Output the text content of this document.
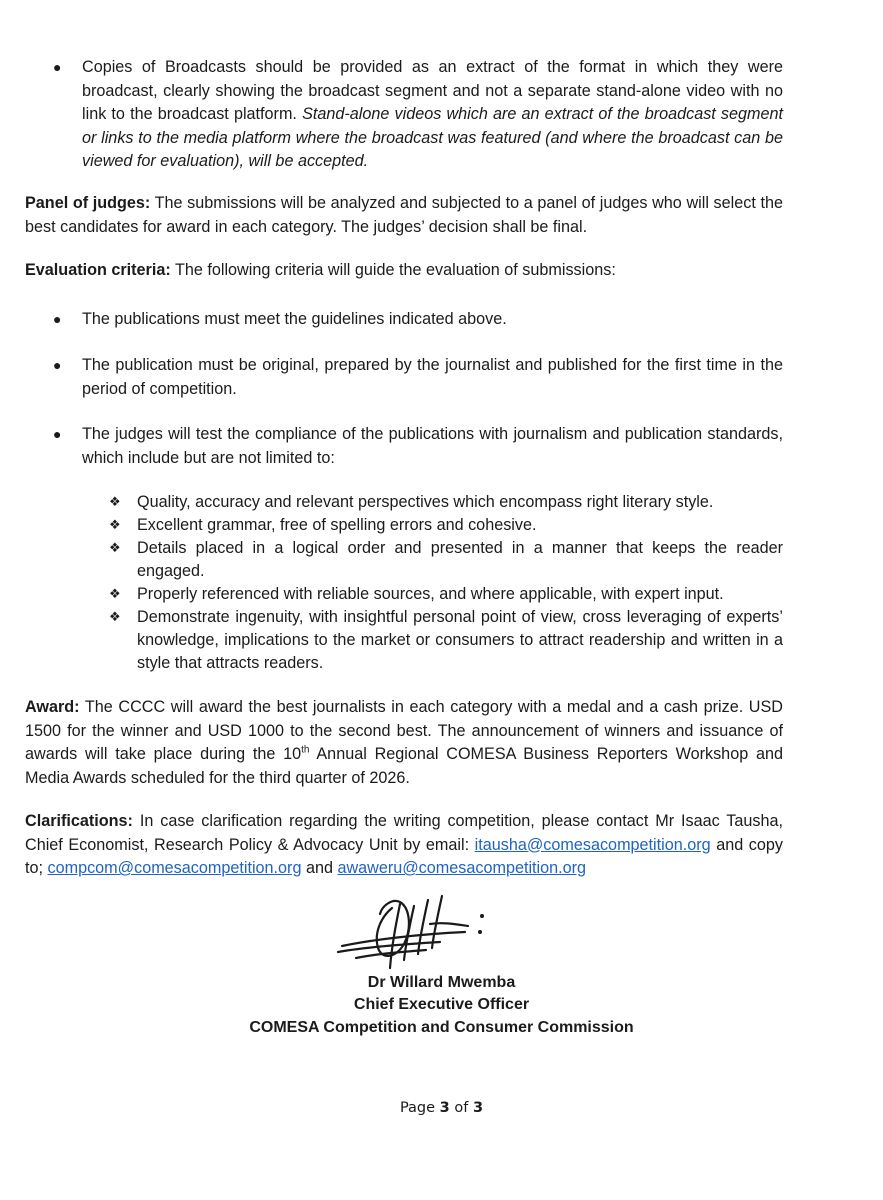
●	Copies of Broadcasts should be provided as an extract of the format in which they were broadcast, clearly showing the broadcast segment and not a separate stand-alone video with no link to the broadcast platform. Stand-alone videos which are an extract of the broadcast segment or links to the media platform where the broadcast was featured (and where the broadcast can be viewed for evaluation), will be accepted.

Panel of judges: The submissions will be analyzed and subjected to a panel of judges who will select the best candidates for award in each category. The judges’ decision shall be final.

Evaluation criteria: The following criteria will guide the evaluation of submissions:

●	The publications must meet the guidelines indicated above.

●	The publication must be original, prepared by the journalist and published for the first time in the period of competition.

●	The judges will test the compliance of the publications with journalism and publication standards, which include but are not limited to:

❖	Quality, accuracy and relevant perspectives which encompass right literary style.

❖	Excellent grammar, free of spelling errors and cohesive.

❖	Details placed in a logical order and presented in a manner that keeps the reader engaged.

❖	Properly referenced with reliable sources, and where applicable, with expert input.

❖	Demonstrate ingenuity, with insightful personal point of view, cross leveraging of experts’ knowledge, implications to the market or consumers to attract readership and written in a style that attracts readers.

Award: The CCCC will award the best journalists in each category with a medal and a cash prize. USD 1500 for the winner and USD 1000 to the second best. The announcement of winners and issuance of awards will take place during the 10th Annual Regional COMESA Business Reporters Workshop and Media Awards scheduled for the third quarter of 2026.

Clarifications: In case clarification regarding the writing competition, please contact Mr Isaac Tausha, Chief Economist, Research Policy & Advocacy Unit by email: itausha@comesacompetition.org and copy to; compcom@comesacompetition.org and awaweru@comesacompetition.org

Dr Willard Mwemba
Chief Executive Officer
COMESA Competition and Consumer Commission
Page 3 of 3
